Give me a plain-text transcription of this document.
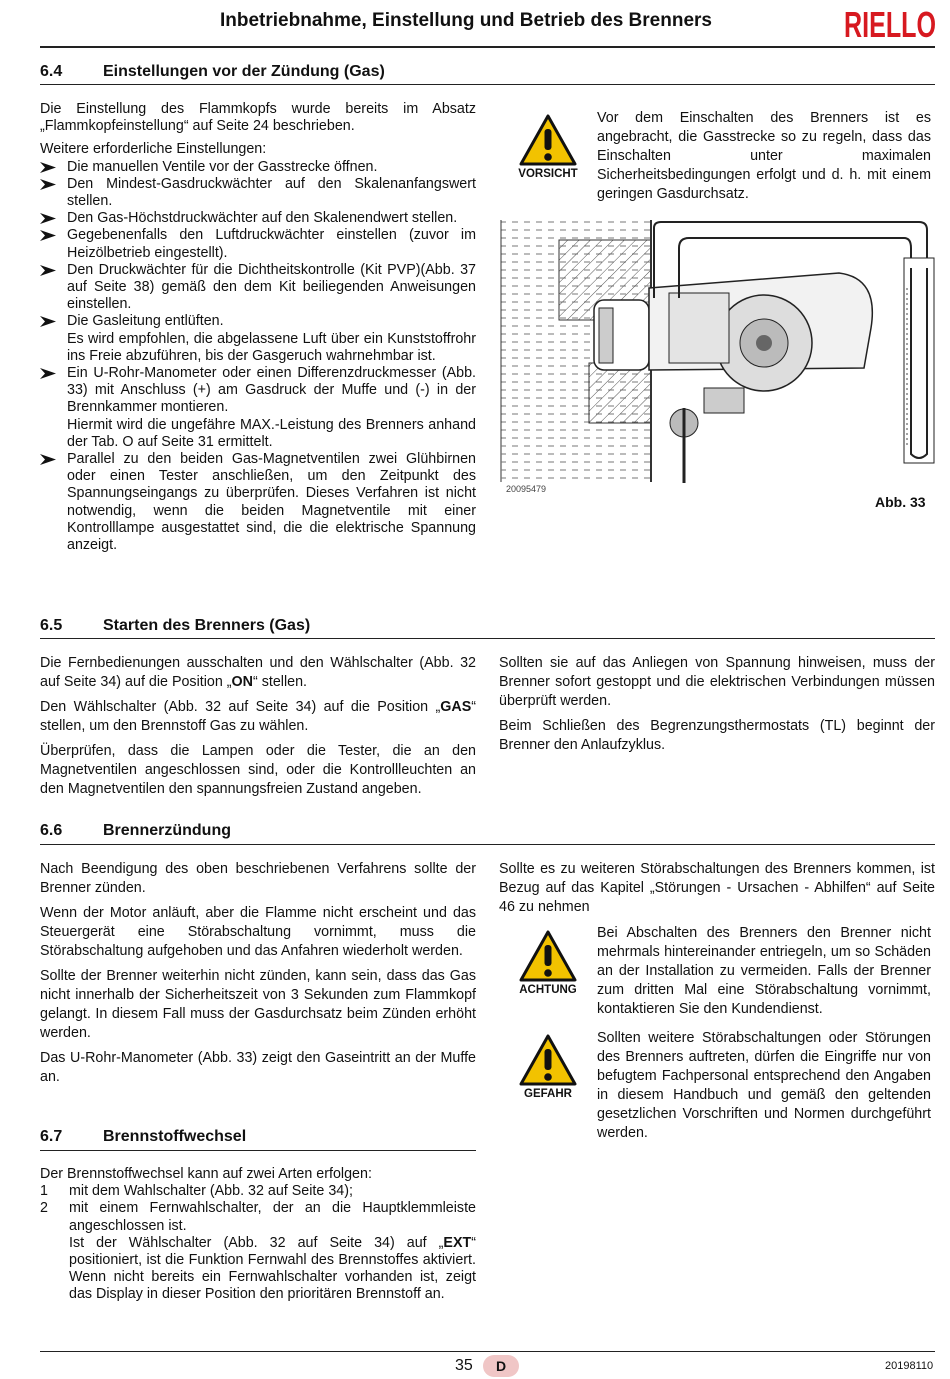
Inbetriebnahme, Einstellung und Betrieb des Brenners	RIELLO
6.4	Einstellungen vor der Zündung (Gas)

Die Einstellung des Flammkopfs wurde bereits im Absatz „Flammkopfeinstellung“ auf Seite 24 beschrieben.

Weitere erforderliche Einstellungen:
Die manuellen Ventile vor der Gasstrecke öffnen.
Den Mindest-Gasdruckwächter auf den Skalenanfangswert stellen.
Den Gas-Höchstdruckwächter auf den Skalenendwert stellen.
Gegebenenfalls den Luftdruckwächter einstellen (zuvor im Heizölbetrieb eingestellt).
Den Druckwächter für die Dichtheitskontrolle (Kit PVP)(Abb. 37 auf Seite 38) gemäß den dem Kit beiliegenden Anweisungen einstellen.
Die Gasleitung entlüften.
Es wird empfohlen, die abgelassene Luft über ein Kunststoffrohr ins Freie abzuführen, bis der Gasgeruch wahrnehmbar ist.
Ein U-Rohr-Manometer oder einen Differenzdruckmesser (Abb. 33) mit Anschluss (+) am Gasdruck der Muffe und (-) in der Brennkammer montieren.
Hiermit wird die ungefähre MAX.-Leistung des Brenners anhand der Tab. O auf Seite 31 ermittelt.
Parallel zu den beiden Gas-Magnetventilen zwei Glühbirnen oder einen Tester anschließen, um den Zeitpunkt des Spannungseingangs zu überprüfen. Dieses Verfahren ist nicht notwendig, wenn die beiden Magnetventile mit einer Kontrolllampe ausgestattet sind, die die elektrische Spannung anzeigt.
VORSICHT
Vor dem Einschalten des Brenners ist es angebracht, die Gasstrecke so zu regeln, dass das Einschalten unter maximalen Sicherheitsbedingungen erfolgt und d. h. mit einem geringen Gasdurchsatz.
20095479
Abb. 33
6.5	Starten des Brenners (Gas)

Die Fernbedienungen ausschalten und den Wählschalter (Abb. 32 auf Seite 34) auf die Position „ON“ stellen.

Den Wählschalter (Abb. 32 auf Seite 34) auf die Position „GAS“ stellen, um den Brennstoff Gas zu wählen.

Überprüfen, dass die Lampen oder die Tester, die an den Magnetventilen angeschlossen sind, oder die Kontrollleuchten an den Magnetventilen den spannungsfreien Zustand angeben.

Sollten sie auf das Anliegen von Spannung hinweisen, muss der Brenner sofort gestoppt und die elektrischen Verbindungen müssen überprüft werden.

Beim Schließen des Begrenzungsthermostats (TL) beginnt der Brenner den Anlaufzyklus.

6.6	Brennerzündung

Nach Beendigung des oben beschriebenen Verfahrens sollte der Brenner zünden.

Wenn der Motor anläuft, aber die Flamme nicht erscheint und das Steuergerät eine Störabschaltung vornimmt, muss die Störabschaltung aufgehoben und das Anfahren wiederholt werden.

Sollte der Brenner weiterhin nicht zünden, kann sein, dass das Gas nicht innerhalb der Sicherheitszeit von 3 Sekunden zum Flammkopf gelangt. In diesem Fall muss der Gasdurchsatz beim Zünden erhöht werden.

Das U-Rohr-Manometer (Abb. 33) zeigt den Gaseintritt an der Muffe an.

Sollte es zu weiteren Störabschaltungen des Brenners kommen, ist Bezug auf das Kapitel „Störungen - Ursachen - Abhilfen“ auf Seite 46 zu nehmen
ACHTUNG
Bei Abschalten des Brenners den Brenner nicht mehrmals hintereinander entriegeln, um so Schäden an der Installation zu vermeiden. Falls der Brenner zum dritten Mal eine Störabschaltung vornimmt, kontaktieren Sie den Kundendienst.
GEFAHR
Sollten weitere Störabschaltungen oder Störungen des Brenners auftreten, dürfen die Eingriffe nur von befugtem Fachpersonal entsprechend den Angaben in diesem Handbuch und gemäß den geltenden gesetzlichen Vorschriften und Normen durchgeführt werden.
6.7	Brennstoffwechsel
Der Brennstoffwechsel kann auf zwei Arten erfolgen:
1 mit dem Wahlschalter (Abb. 32 auf Seite 34);
2 mit einem Fernwahlschalter, der an die Hauptklemmleiste angeschlossen ist.
Ist der Wählschalter (Abb. 32 auf Seite 34) auf „EXT“ positioniert, ist die Funktion Fernwahl des Brennstoffes aktiviert. Wenn nicht bereits ein Fernwahlschalter vorhanden ist, zeigt das Display in dieser Position den prioritären Brennstoff an.
35	D	20198110
